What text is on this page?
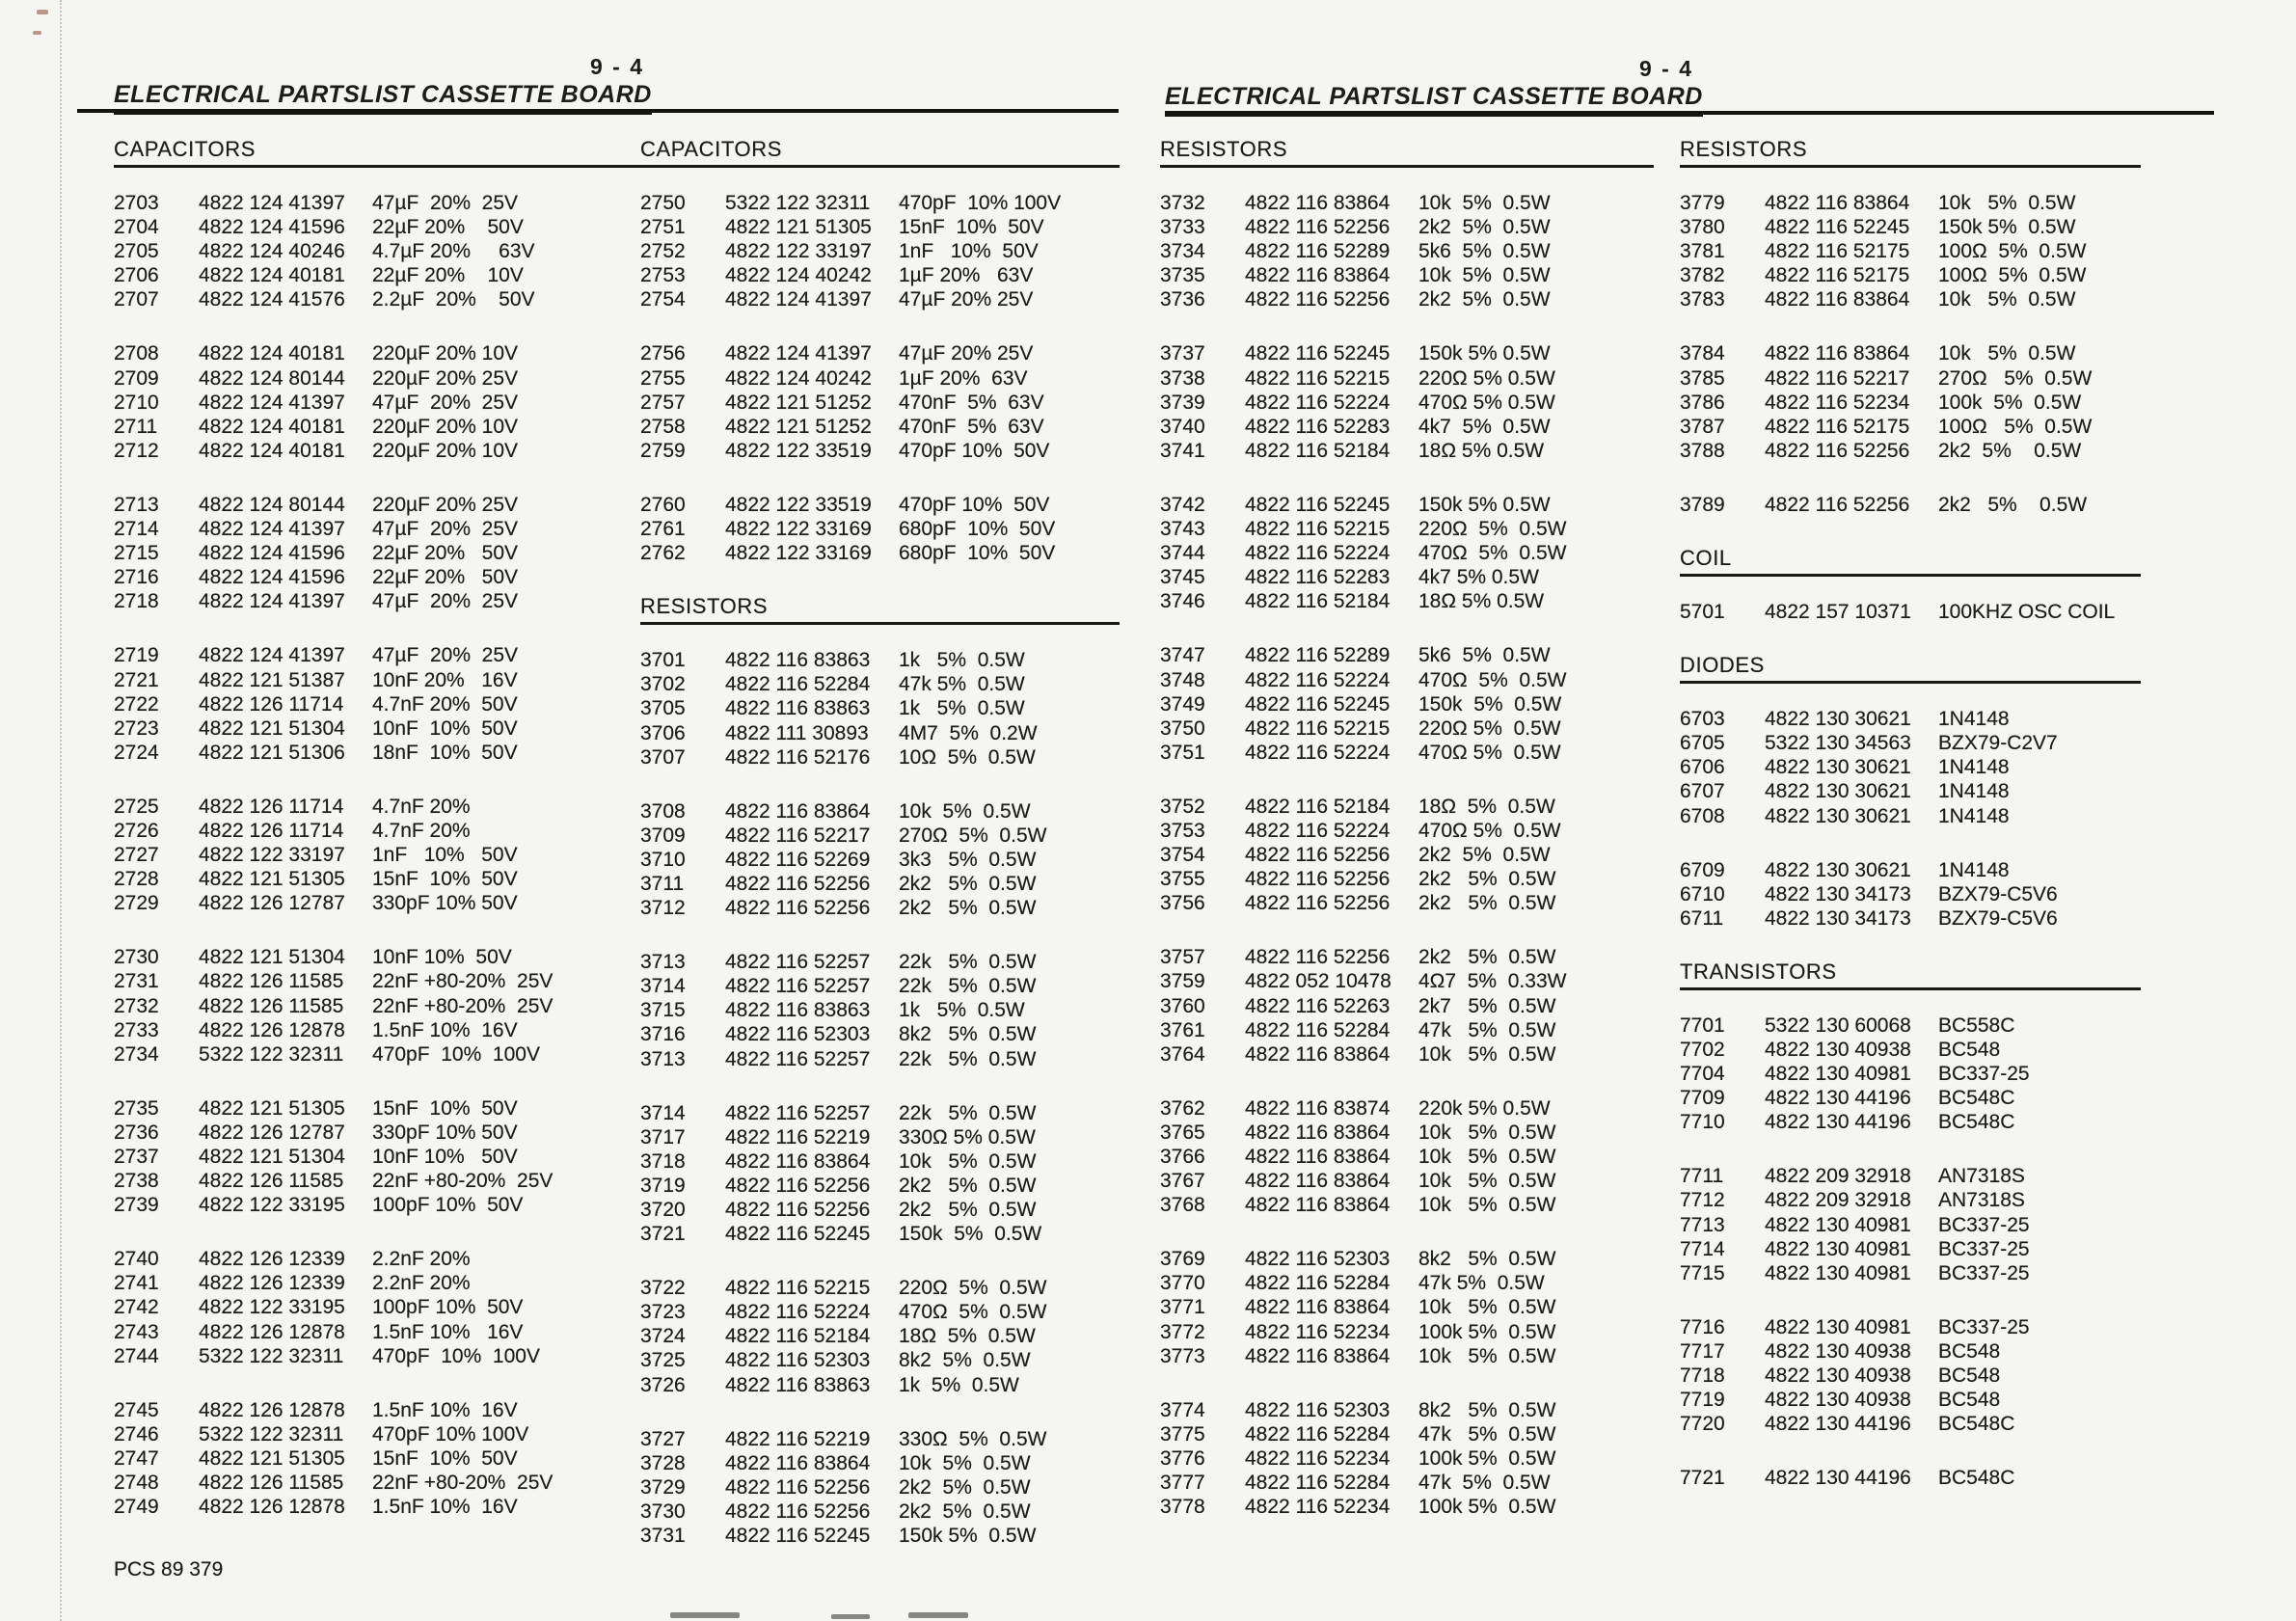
9 - 4	9 - 4
ELECTRICAL PARTSLIST CASSETTE BOARD	ELECTRICAL PARTSLIST CASSETTE BOARD
PCS 89 379
CAPACITORS
2703	4822 124 41397	47µF  20%  25V
2704	4822 124 41596	22µF 20%    50V
2705	4822 124 40246	4.7µF 20%     63V
2706	4822 124 40181	22µF 20%    10V
2707	4822 124 41576	2.2µF  20%    50V
2708	4822 124 40181	220µF 20% 10V
2709	4822 124 80144	220µF 20% 25V
2710	4822 124 41397	47µF  20%  25V
2711	4822 124 40181	220µF 20% 10V
2712	4822 124 40181	220µF 20% 10V
2713	4822 124 80144	220µF 20% 25V
2714	4822 124 41397	47µF  20%  25V
2715	4822 124 41596	22µF 20%   50V
2716	4822 124 41596	22µF 20%   50V
2718	4822 124 41397	47µF  20%  25V
2719	4822 124 41397	47µF  20%  25V
2721	4822 121 51387	10nF 20%   16V
2722	4822 126 11714	4.7nF 20%  50V
2723	4822 121 51304	10nF  10%  50V
2724	4822 121 51306	18nF  10%  50V
2725	4822 126 11714	4.7nF 20%
2726	4822 126 11714	4.7nF 20%
2727	4822 122 33197	1nF   10%   50V
2728	4822 121 51305	15nF  10%  50V
2729	4822 126 12787	330pF 10% 50V
2730	4822 121 51304	10nF 10%  50V
2731	4822 126 11585	22nF +80-20%  25V
2732	4822 126 11585	22nF +80-20%  25V
2733	4822 126 12878	1.5nF 10%  16V
2734	5322 122 32311	470pF  10%  100V
2735	4822 121 51305	15nF  10%  50V
2736	4822 126 12787	330pF 10% 50V
2737	4822 121 51304	10nF 10%   50V
2738	4822 126 11585	22nF +80-20%  25V
2739	4822 122 33195	100pF 10%  50V
2740	4822 126 12339	2.2nF 20%
2741	4822 126 12339	2.2nF 20%
2742	4822 122 33195	100pF 10%  50V
2743	4822 126 12878	1.5nF 10%   16V
2744	5322 122 32311	470pF  10%  100V
2745	4822 126 12878	1.5nF 10%  16V
2746	5322 122 32311	470pF 10% 100V
2747	4822 121 51305	15nF  10%  50V
2748	4822 126 11585	22nF +80-20%  25V
2749	4822 126 12878	1.5nF 10%  16V
CAPACITORS
2750	5322 122 32311	470pF  10% 100V
2751	4822 121 51305	15nF  10%  50V
2752	4822 122 33197	1nF   10%  50V
2753	4822 124 40242	1µF 20%   63V
2754	4822 124 41397	47µF 20% 25V
2756	4822 124 41397	47µF 20% 25V
2755	4822 124 40242	1µF 20%  63V
2757	4822 121 51252	470nF  5%  63V
2758	4822 121 51252	470nF  5%  63V
2759	4822 122 33519	470pF 10%  50V
2760	4822 122 33519	470pF 10%  50V
2761	4822 122 33169	680pF  10%  50V
2762	4822 122 33169	680pF  10%  50V
RESISTORS
3701	4822 116 83863	1k   5%  0.5W
3702	4822 116 52284	47k 5%  0.5W
3705	4822 116 83863	1k   5%  0.5W
3706	4822 111 30893	4M7  5%  0.2W
3707	4822 116 52176	10Ω  5%  0.5W
3708	4822 116 83864	10k  5%  0.5W
3709	4822 116 52217	270Ω  5%  0.5W
3710	4822 116 52269	3k3   5%  0.5W
3711	4822 116 52256	2k2   5%  0.5W
3712	4822 116 52256	2k2   5%  0.5W
3713	4822 116 52257	22k   5%  0.5W
3714	4822 116 52257	22k   5%  0.5W
3715	4822 116 83863	1k   5%  0.5W
3716	4822 116 52303	8k2   5%  0.5W
3713	4822 116 52257	22k   5%  0.5W
3714	4822 116 52257	22k   5%  0.5W
3717	4822 116 52219	330Ω 5% 0.5W
3718	4822 116 83864	10k   5%  0.5W
3719	4822 116 52256	2k2   5%  0.5W
3720	4822 116 52256	2k2   5%  0.5W
3721	4822 116 52245	150k  5%  0.5W
3722	4822 116 52215	220Ω  5%  0.5W
3723	4822 116 52224	470Ω  5%  0.5W
3724	4822 116 52184	18Ω  5%  0.5W
3725	4822 116 52303	8k2  5%  0.5W
3726	4822 116 83863	1k  5%  0.5W
3727	4822 116 52219	330Ω  5%  0.5W
3728	4822 116 83864	10k  5%  0.5W
3729	4822 116 52256	2k2  5%  0.5W
3730	4822 116 52256	2k2  5%  0.5W
3731	4822 116 52245	150k 5%  0.5W
RESISTORS
3732	4822 116 83864	10k  5%  0.5W
3733	4822 116 52256	2k2  5%  0.5W
3734	4822 116 52289	5k6  5%  0.5W
3735	4822 116 83864	10k  5%  0.5W
3736	4822 116 52256	2k2  5%  0.5W
3737	4822 116 52245	150k 5% 0.5W
3738	4822 116 52215	220Ω 5% 0.5W
3739	4822 116 52224	470Ω 5% 0.5W
3740	4822 116 52283	4k7  5%  0.5W
3741	4822 116 52184	18Ω 5% 0.5W
3742	4822 116 52245	150k 5% 0.5W
3743	4822 116 52215	220Ω  5%  0.5W
3744	4822 116 52224	470Ω  5%  0.5W
3745	4822 116 52283	4k7 5% 0.5W
3746	4822 116 52184	18Ω 5% 0.5W
3747	4822 116 52289	5k6  5%  0.5W
3748	4822 116 52224	470Ω  5%  0.5W
3749	4822 116 52245	150k  5%  0.5W
3750	4822 116 52215	220Ω 5%  0.5W
3751	4822 116 52224	470Ω 5%  0.5W
3752	4822 116 52184	18Ω  5%  0.5W
3753	4822 116 52224	470Ω 5%  0.5W
3754	4822 116 52256	2k2  5%  0.5W
3755	4822 116 52256	2k2   5%  0.5W
3756	4822 116 52256	2k2   5%  0.5W
3757	4822 116 52256	2k2   5%  0.5W
3759	4822 052 10478	4Ω7  5%  0.33W
3760	4822 116 52263	2k7   5%  0.5W
3761	4822 116 52284	47k   5%  0.5W
3764	4822 116 83864	10k   5%  0.5W
3762	4822 116 83874	220k 5% 0.5W
3765	4822 116 83864	10k   5%  0.5W
3766	4822 116 83864	10k   5%  0.5W
3767	4822 116 83864	10k   5%  0.5W
3768	4822 116 83864	10k   5%  0.5W
3769	4822 116 52303	8k2   5%  0.5W
3770	4822 116 52284	47k 5%  0.5W
3771	4822 116 83864	10k   5%  0.5W
3772	4822 116 52234	100k 5%  0.5W
3773	4822 116 83864	10k   5%  0.5W
3774	4822 116 52303	8k2   5%  0.5W
3775	4822 116 52284	47k   5%  0.5W
3776	4822 116 52234	100k 5%  0.5W
3777	4822 116 52284	47k  5%  0.5W
3778	4822 116 52234	100k 5%  0.5W
RESISTORS
3779	4822 116 83864	10k   5%  0.5W
3780	4822 116 52245	150k 5%  0.5W
3781	4822 116 52175	100Ω  5%  0.5W
3782	4822 116 52175	100Ω  5%  0.5W
3783	4822 116 83864	10k   5%  0.5W
3784	4822 116 83864	10k   5%  0.5W
3785	4822 116 52217	270Ω   5%  0.5W
3786	4822 116 52234	100k  5%  0.5W
3787	4822 116 52175	100Ω   5%  0.5W
3788	4822 116 52256	2k2  5%    0.5W
3789	4822 116 52256	2k2   5%    0.5W
COIL
5701	4822 157 10371	100KHZ OSC COIL
DIODES
6703	4822 130 30621	1N4148
6705	5322 130 34563	BZX79-C2V7
6706	4822 130 30621	1N4148
6707	4822 130 30621	1N4148
6708	4822 130 30621	1N4148
6709	4822 130 30621	1N4148
6710	4822 130 34173	BZX79-C5V6
6711	4822 130 34173	BZX79-C5V6
TRANSISTORS
7701	5322 130 60068	BC558C
7702	4822 130 40938	BC548
7704	4822 130 40981	BC337-25
7709	4822 130 44196	BC548C
7710	4822 130 44196	BC548C
7711	4822 209 32918	AN7318S
7712	4822 209 32918	AN7318S
7713	4822 130 40981	BC337-25
7714	4822 130 40981	BC337-25
7715	4822 130 40981	BC337-25
7716	4822 130 40981	BC337-25
7717	4822 130 40938	BC548
7718	4822 130 40938	BC548
7719	4822 130 40938	BC548
7720	4822 130 44196	BC548C
7721	4822 130 44196	BC548C
